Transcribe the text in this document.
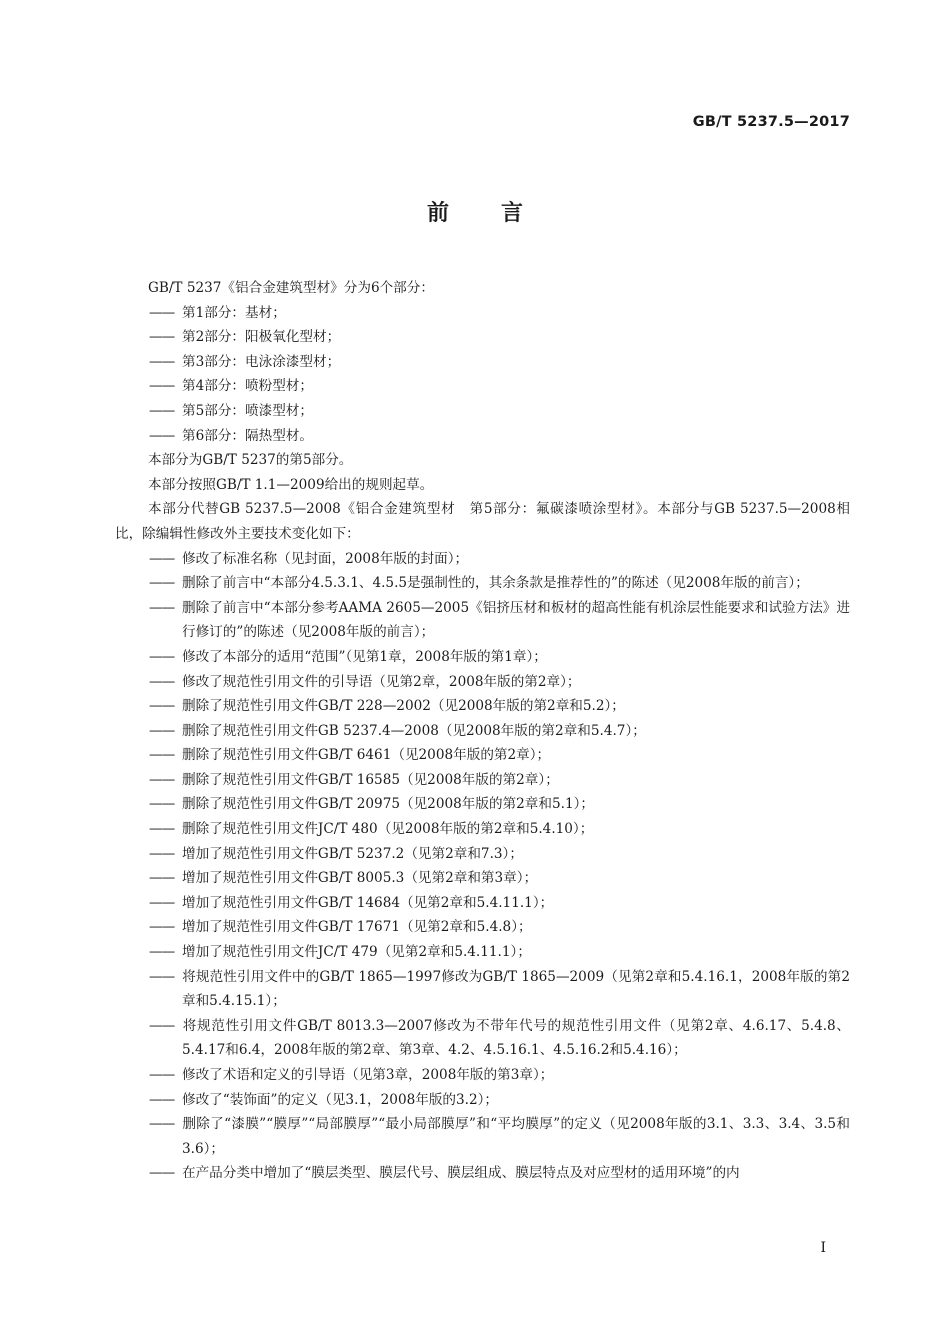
GB/T 5237.5—2017
前言

GB/T 5237《铝合金建筑型材》分为6个部分：

—— 第1部分：基材；

—— 第2部分：阳极氧化型材；

—— 第3部分：电泳涂漆型材；

—— 第4部分：喷粉型材；

—— 第5部分：喷漆型材；

—— 第6部分：隔热型材。

本部分为GB/T 5237的第5部分。

本部分按照GB/T 1.1—2009给出的规则起草。

本部分代替GB 5237.5—2008《铝合金建筑型材　第5部分：氟碳漆喷涂型材》。本部分与GB 5237.5—2008相比，除编辑性修改外主要技术变化如下：

—— 修改了标准名称（见封面，2008年版的封面）；

—— 删除了前言中“本部分4.5.3.1、4.5.5是强制性的，其余条款是推荐性的”的陈述（见2008年版的前言）；

—— 删除了前言中“本部分参考AAMA 2605—2005《铝挤压材和板材的超高性能有机涂层性能要求和试验方法》进行修订的”的陈述（见2008年版的前言）；

—— 修改了本部分的适用“范围”（见第1章，2008年版的第1章）；

—— 修改了规范性引用文件的引导语（见第2章，2008年版的第2章）；

—— 删除了规范性引用文件GB/T 228—2002（见2008年版的第2章和5.2）；

—— 删除了规范性引用文件GB 5237.4—2008（见2008年版的第2章和5.4.7）；

—— 删除了规范性引用文件GB/T 6461（见2008年版的第2章）；

—— 删除了规范性引用文件GB/T 16585（见2008年版的第2章）；

—— 删除了规范性引用文件GB/T 20975（见2008年版的第2章和5.1）；

—— 删除了规范性引用文件JC/T 480（见2008年版的第2章和5.4.10）；

—— 增加了规范性引用文件GB/T 5237.2（见第2章和7.3）；

—— 增加了规范性引用文件GB/T 8005.3（见第2章和第3章）；

—— 增加了规范性引用文件GB/T 14684（见第2章和5.4.11.1）；

—— 增加了规范性引用文件GB/T 17671（见第2章和5.4.8）；

—— 增加了规范性引用文件JC/T 479（见第2章和5.4.11.1）；

—— 将规范性引用文件中的GB/T 1865—1997修改为GB/T 1865—2009（见第2章和5.4.16.1，2008年版的第2章和5.4.15.1）；

—— 将规范性引用文件GB/T 8013.3—2007修改为不带年代号的规范性引用文件（见第2章、4.6.17、5.4.8、5.4.17和6.4，2008年版的第2章、第3章、4.2、4.5.16.1、4.5.16.2和5.4.16）；

—— 修改了术语和定义的引导语（见第3章，2008年版的第3章）；

—— 修改了“装饰面”的定义（见3.1，2008年版的3.2）；

—— 删除了“漆膜”“膜厚”“局部膜厚”“最小局部膜厚”和“平均膜厚”的定义（见2008年版的3.1、3.3、3.4、3.5和3.6）；

—— 在产品分类中增加了“膜层类型、膜层代号、膜层组成、膜层特点及对应型材的适用环境”的内

I
